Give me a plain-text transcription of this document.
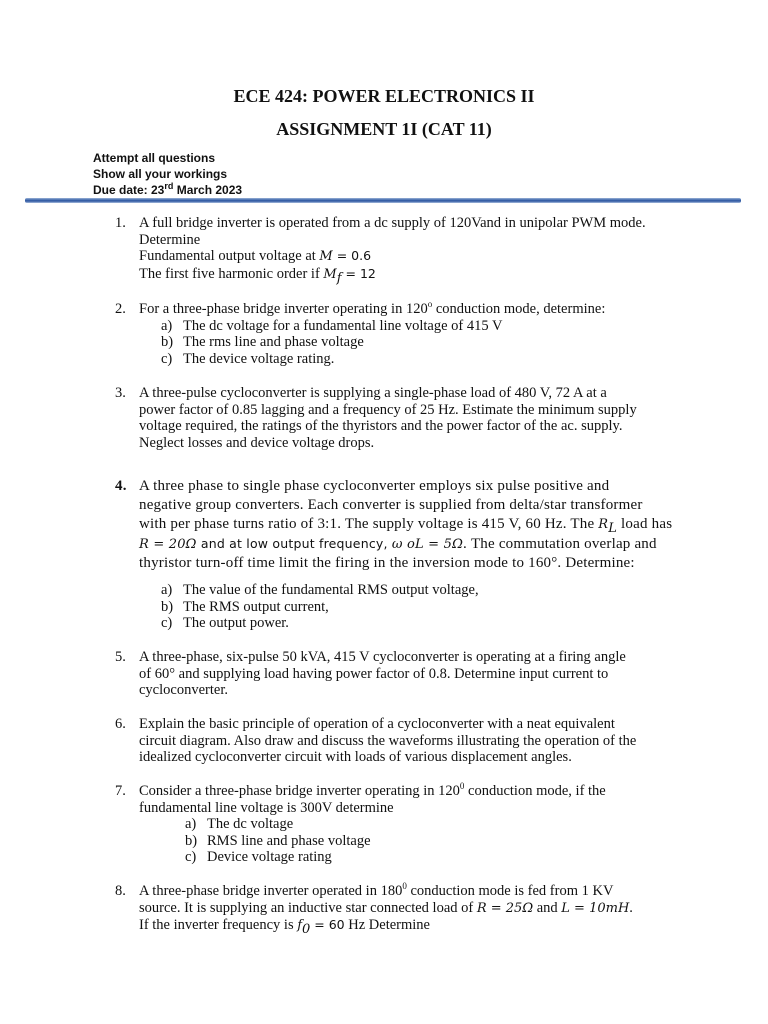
ECE 424: POWER ELECTRONICS II
ASSIGNMENT 1I (CAT 11)
Attempt all questions
Show all your workings
Due date: 23rd March 2023
1. A full bridge inverter is operated from a dc supply of 120Vand in unipolar PWM mode.
Determine
Fundamental output voltage at M = 0.6
The first five harmonic order if $M_f = 12$
2. For a three-phase bridge inverter operating in 120$^o$ conduction mode, determine:
a) The dc voltage for a fundamental line voltage of 415 V
b) The rms line and phase voltage
c) The device voltage rating.
3. A three-pulse cycloconverter is supplying a single-phase load of 480 V, 72 A at a
power factor of 0.85 lagging and a frequency of 25 Hz. Estimate the minimum supply
voltage required, the ratings of the thyristors and the power factor of the ac. supply.
Neglect losses and device voltage drops.
4. A three phase to single phase cycloconverter employs six pulse positive and
negative group converters. Each converter is supplied from delta/star transformer
with per phase turns ratio of 3:1. The supply voltage is 415 V, 60 Hz. The $R_L$ load has
R = 20Ω and at low output frequency, ω oL = 5Ω. The commutation overlap and
thyristor turn-off time limit the firing in the inversion mode to 160°. Determine:
a) The value of the fundamental RMS output voltage,
b) The RMS output current,
c) The output power.
5. A three-phase, six-pulse 50 kVA, 415 V cycloconverter is operating at a firing angle
of 60° and supplying load having power factor of 0.8. Determine input current to
cycloconverter.
6. Explain the basic principle of operation of a cycloconverter with a neat equivalent
circuit diagram. Also draw and discuss the waveforms illustrating the operation of the
idealized cycloconverter circuit with loads of various displacement angles.
7. Consider a three-phase bridge inverter operating in $120^0$ conduction mode, if the
fundamental line voltage is 300V determine
a) The dc voltage
b) RMS line and phase voltage
c) Device voltage rating
8. A three-phase bridge inverter operated in $180^0$ conduction mode is fed from 1 KV
source. It is supplying an inductive star connected load of R = 25Ω and L = 10mH.
If the inverter frequency is $f_0 = 60$ Hz Determine
